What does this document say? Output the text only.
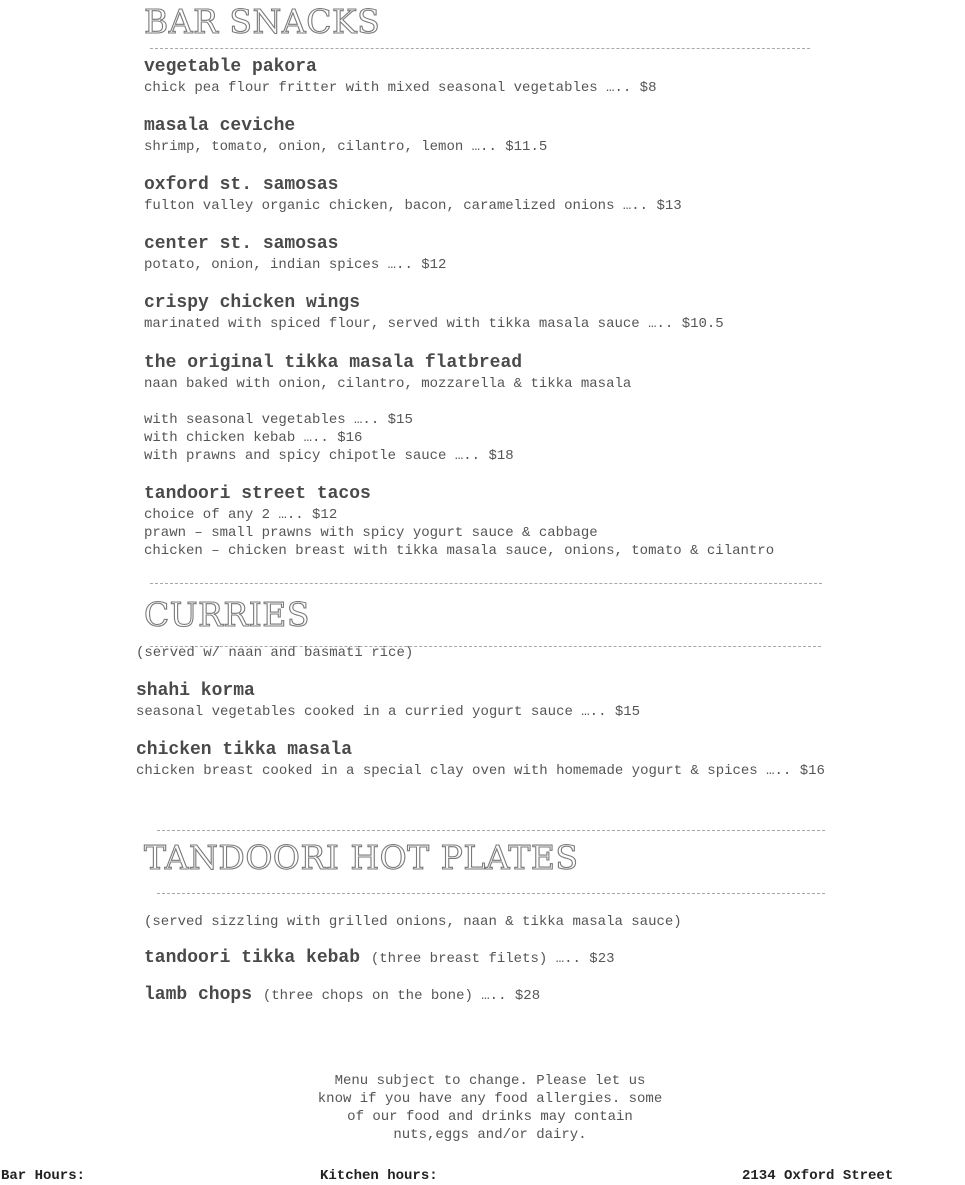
BAR SNACKS
vegetable pakora
chick pea flour fritter with mixed seasonal vegetables ….. $8
masala ceviche
shrimp, tomato, onion, cilantro, lemon ….. $11.5
oxford st. samosas
fulton valley organic chicken, bacon, caramelized onions ….. $13
center st. samosas
potato, onion, indian spices ….. $12
crispy chicken wings
marinated with spiced flour, served with tikka masala sauce ….. $10.5
the original tikka masala flatbread
naan baked with onion, cilantro, mozzarella & tikka masala
with seasonal vegetables ….. $15
with chicken kebab ….. $16
with prawns and spicy chipotle sauce ….. $18
tandoori street tacos
choice of any 2 ….. $12
prawn – small prawns with spicy yogurt sauce & cabbage
chicken – chicken breast with tikka masala sauce, onions, tomato & cilantro
CURRIES
(served w/ naan and basmati rice)
shahi korma
seasonal vegetables cooked in a curried yogurt sauce ….. $15
chicken tikka masala
chicken breast cooked in a special clay oven with homemade yogurt & spices ….. $16
TANDOORI HOT PLATES
(served sizzling with grilled onions, naan & tikka masala sauce)
tandoori tikka kebab (three breast filets) ….. $23
lamb chops (three chops on the bone) ….. $28
Menu subject to change. Please let us
know if you have any food allergies. some
of our food and drinks may contain
nuts,eggs and/or dairy.
Bar Hours:	Kitchen hours:	2134 Oxford Street
